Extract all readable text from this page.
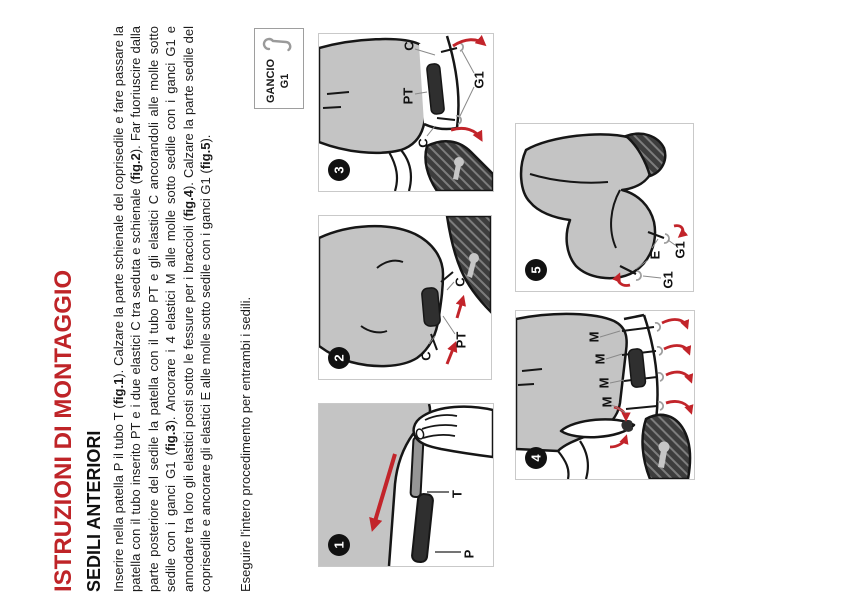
ISTRUZIONI DI MONTAGGIO SEDILI ANTERIORI Inserire nella patella P il tubo T (fig.1). Calzare la parte schienale del coprisedile e fare passare la patella con il tubo inserito PT e i due elastici C tra seduta e schienale (fig.2). Far fuoriuscire dalla parte posteriore del sedile la patella con il tubo PT e gli elastici C ancorandoli alle molle sotto sedile con i ganci G1 (fig.3). Ancorare i 4 elastici M alle molle sotto sedile con i ganci G1 e annodare tra loro gli elastici posti sotto le fessure per i braccioli (fig.4). Calzare la parte sedile del coprisedile e ancorare gli elastici E alle molle sotto sedile con i ganci G1 (fig.5).
Eseguire l'intero procedimento per entrambi i sedili.
GANCIO G1
C
G1
PT
C
3
C
PT
C
2
T
P
1
E G1
G1
5
M
M
M
M
4
